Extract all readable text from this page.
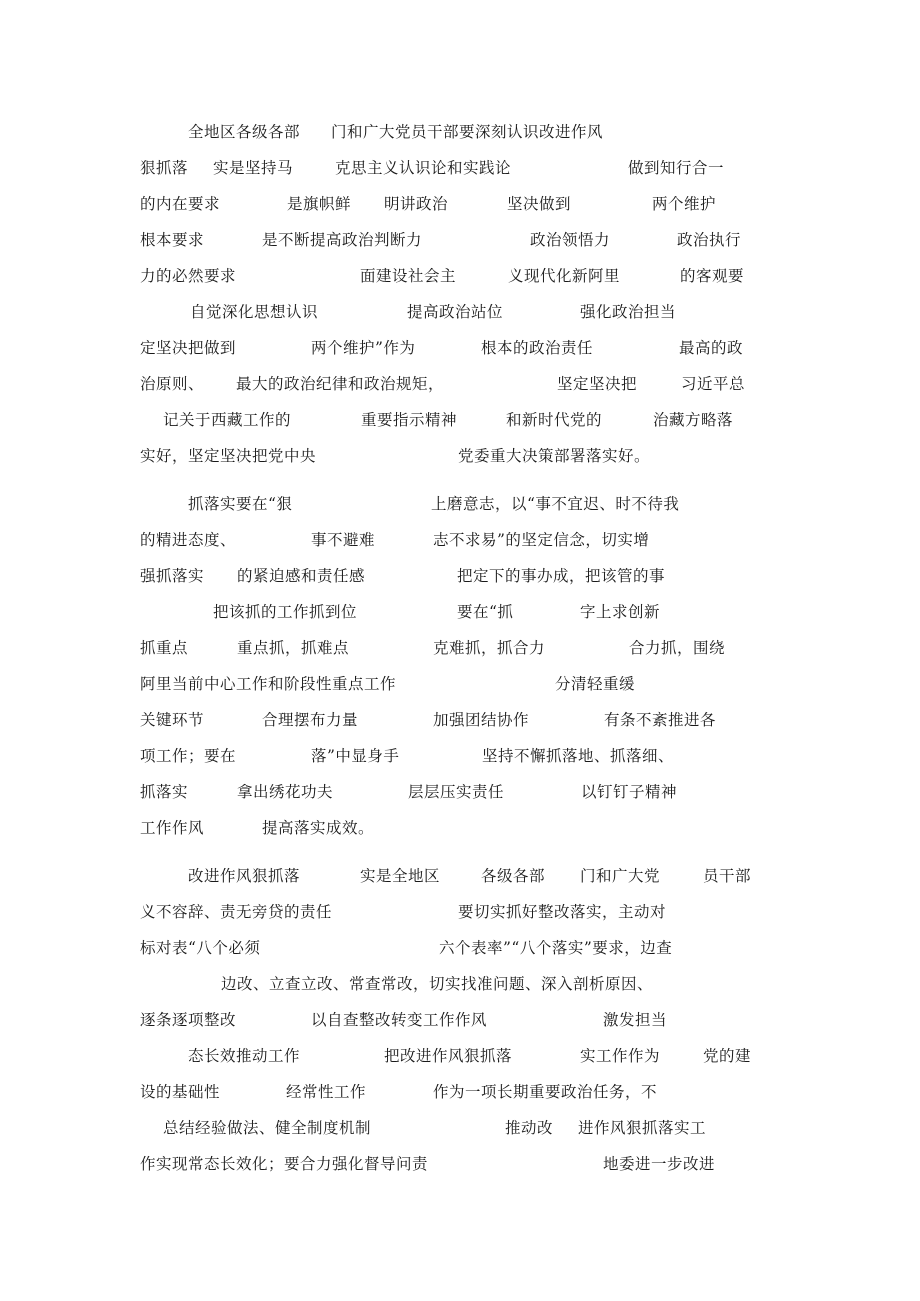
全地区各级各部 门和广大党员干部要深刻认识改进作风
狠抓落 实是坚持马	克思主义认识论和实践论	做到知行合一
的内在要求	是旗帜鲜 明讲政治	坚决做到	两个维护
根本要求	是不断提高政治判断力	政治领悟力	政治执行
力的必然要求	面建设社会主	义现代化新阿里	的客观要
自觉深化思想认识	提高政治站位	强化政治担当
定坚决把做到	两个维护”作为	根本的政治责任	最高的政
治原则、 最大的政治纪律和政治规矩，	坚定坚决把	习近平总
记关于西藏工作的	重要指示精神	和新时代党的	治藏方略落
实好，坚定坚决把党中央	党委重大决策部署落实好。
抓落实要在“狠	上磨意志，以“事不宜迟、时不待我
的精进态度、	事不避难	志不求易”的坚定信念，切实增
强抓落实 的紧迫感和责任感	把定下的事办成，把该管的事
把该抓的工作抓到位	要在“抓	字上求创新
抓重点	重点抓，抓难点	克难抓，抓合力	合力抓，围绕
阿里当前中心工作和阶段性重点工作	分清轻重缓
关键环节	合理摆布力量	加强团结协作	有条不紊推进各
项工作；要在	落”中显身手	坚持不懈抓落地、抓落细、
抓落实	拿出绣花功夫	层层压实责任	以钉钉子精神
工作作风	提高落实成效。
改进作风狠抓落	实是全地区	各级各部 门和广大党	员干部
义不容辞、责无旁贷的责任	要切实抓好整改落实，主动对
标对表“八个必须	六个表率”“八个落实”要求，边查
边改、立查立改、常查常改，切实找准问题、深入剖析原因、
逐条逐项整改	以自查整改转变工作作风	激发担当
态长效推动工作	把改进作风狠抓落	实工作作为	党的建
设的基础性	经常性工作	作为一项长期重要政治任务，不
总结经验做法、健全制度机制	推动改 进作风狠抓落实工
作实现常态长效化；要合力强化督导问责	地委进一步改进
